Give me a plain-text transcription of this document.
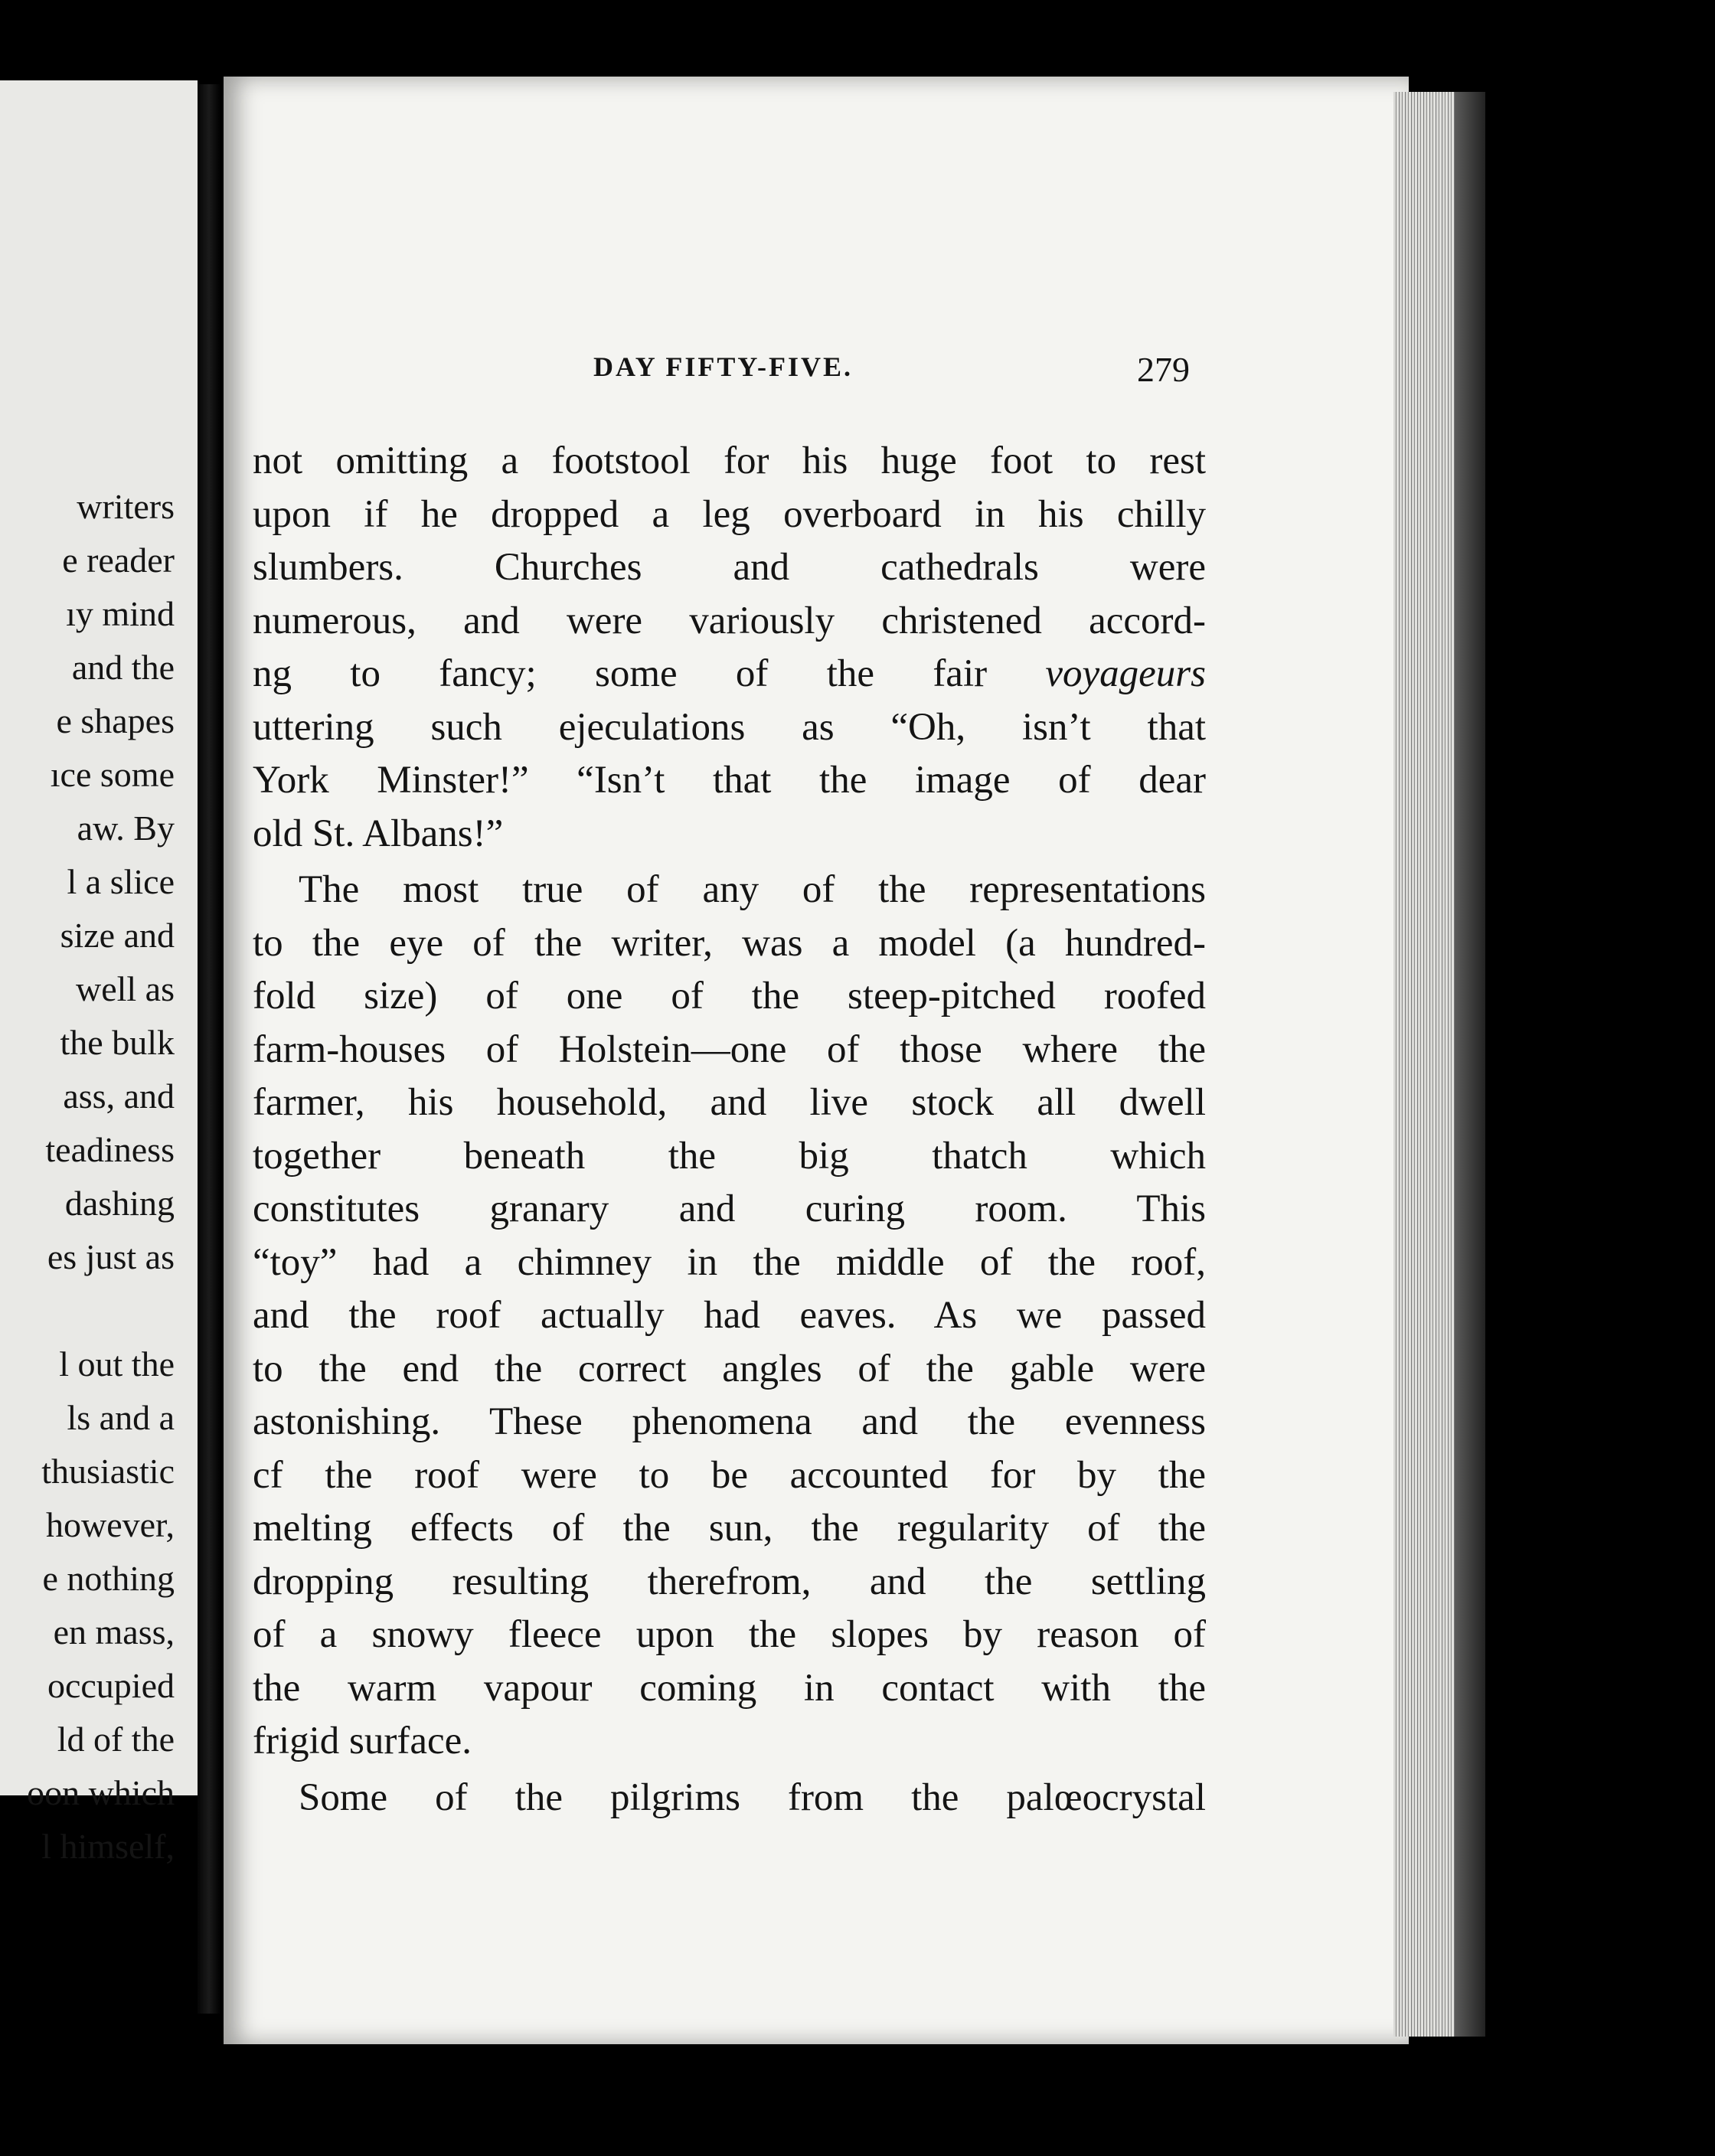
writers
e reader
ıy mind
and the
e shapes
ıce some
aw. By
l a slice
size and
well as
the bulk
ass, and
teadiness
dashing
es just as
l out the
ls and a
thusiastic
however,
e nothing
en mass,
occupied
ld of the
oon which
l himself,
DAY FIFTY-FIVE.	279
not omitting a footstool for his huge foot to rest
upon if he dropped a leg overboard in his chilly
slumbers. Churches and cathedrals were
numerous, and were variously christened accord-
ng to fancy; some of the fair voyageurs
uttering such ejeculations as “Oh, isn’t that
York Minster!” “Isn’t that the image of dear
old St. Albans!”
The most true of any of the representations
to the eye of the writer, was a model (a hundred-
fold size) of one of the steep-pitched roofed
farm-houses of Holstein—one of those where the
farmer, his household, and live stock all dwell
together beneath the big thatch which
constitutes granary and curing room. This
“toy” had a chimney in the middle of the roof,
and the roof actually had eaves. As we passed
to the end the correct angles of the gable were
astonishing. These phenomena and the evenness
cf the roof were to be accounted for by the
melting effects of the sun, the regularity of the
dropping resulting therefrom, and the settling
of a snowy fleece upon the slopes by reason of
the warm vapour coming in contact with the
frigid surface.
Some of the pilgrims from the palœocrystal
